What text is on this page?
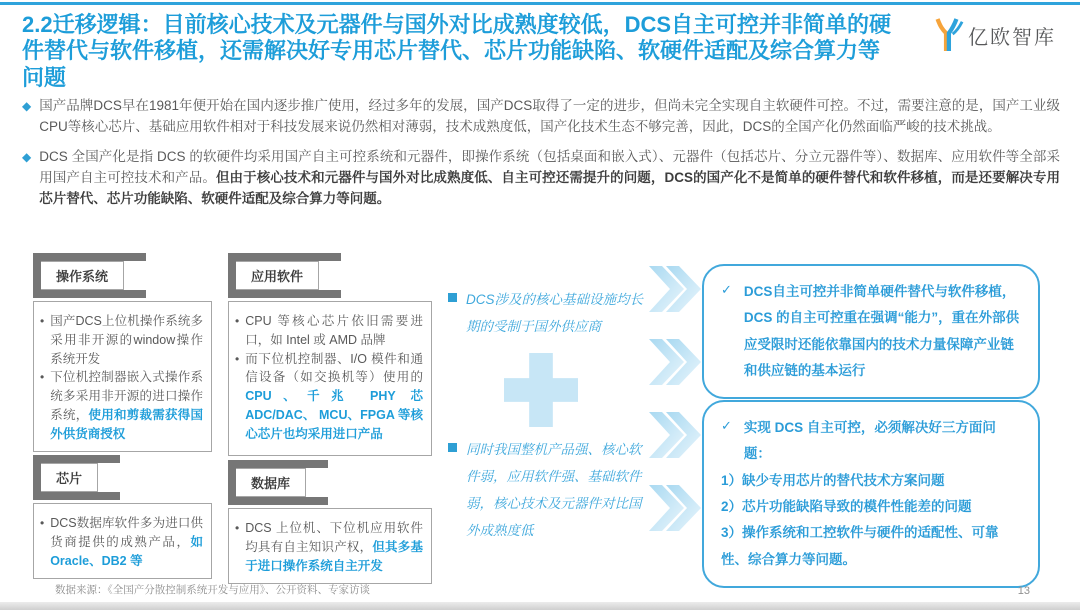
2.2迁移逻辑：目前核心技术及元器件与国外对比成熟度较低，DCS自主可控并非简单的硬件替代与软件移植，还需解决好专用芯片替代、芯片功能缺陷、软硬件适配及综合算力等问题
亿欧智库
◆ 国产品牌DCS早在1981年便开始在国内逐步推广使用，经过多年的发展，国产DCS取得了一定的进步，但尚未完全实现自主软硬件可控。不过，需要注意的是，国产工业级CPU等核心芯片、基础应用软件相对于科技发展来说仍然相对薄弱，技术成熟度低，国产化技术生态不够完善，因此，DCS的全国产化仍然面临严峻的技术挑战。

◆ DCS 全国产化是指 DCS 的软硬件均采用国产自主可控系统和元器件，即操作系统（包括桌面和嵌入式）、元器件（包括芯片、分立元器件等）、数据库、应用软件等全部采用国产自主可控技术和产品。但由于核心技术和元器件与国外对比成熟度低、自主可控还需提升的问题，DCS的国产化不是简单的硬件替代和软件移植，而是还要解决专用芯片替代、芯片功能缺陷、软硬件适配及综合算力等问题。

操作系统
• 国产DCS上位机操作系统多采用非开源的window操作系统开发

• 下位机控制器嵌入式操作系统多采用非开源的进口操作系统，使用和剪裁需获得国外供货商授权

应用软件
• CPU 等核心芯片依旧需要进口，如 Intel 或 AMD 品牌

• 而下位机控制器、I/O 模件和通信设备（如交换机等）使用的 CPU、千兆 PHY 芯 ADC/DAC、 MCU、FPGA 等核心芯片也均采用进口产品

芯片
• DCS数据库软件多为进口供货商提供的成熟产品，如 Oracle、DB2 等

数据库
• DCS 上位机、下位机应用软件均具有自主知识产权，但其多基于进口操作系统自主开发

DCS涉及的核心基础设施均长期的受制于国外供应商

同时我国整机产品强、核心软件弱，应用软件强、基础软件弱，核心技术及元器件对比国外成熟度低

✓ DCS自主可控并非简单硬件替代与软件移植，DCS 的自主可控重在强调“能力”，重在外部供应受限时还能依靠国内的技术力量保障产业链和供应链的基本运行

✓ 实现 DCS 自主可控，必须解决好三方面问题：

1）缺少专用芯片的替代技术方案问题

2）芯片功能缺陷导致的模件性能差的问题

3）操作系统和工控软件与硬件的适配性、可靠性、综合算力等问题。

数据来源：《全国产分散控制系统开发与应用》、公开资料、专家访谈	13
